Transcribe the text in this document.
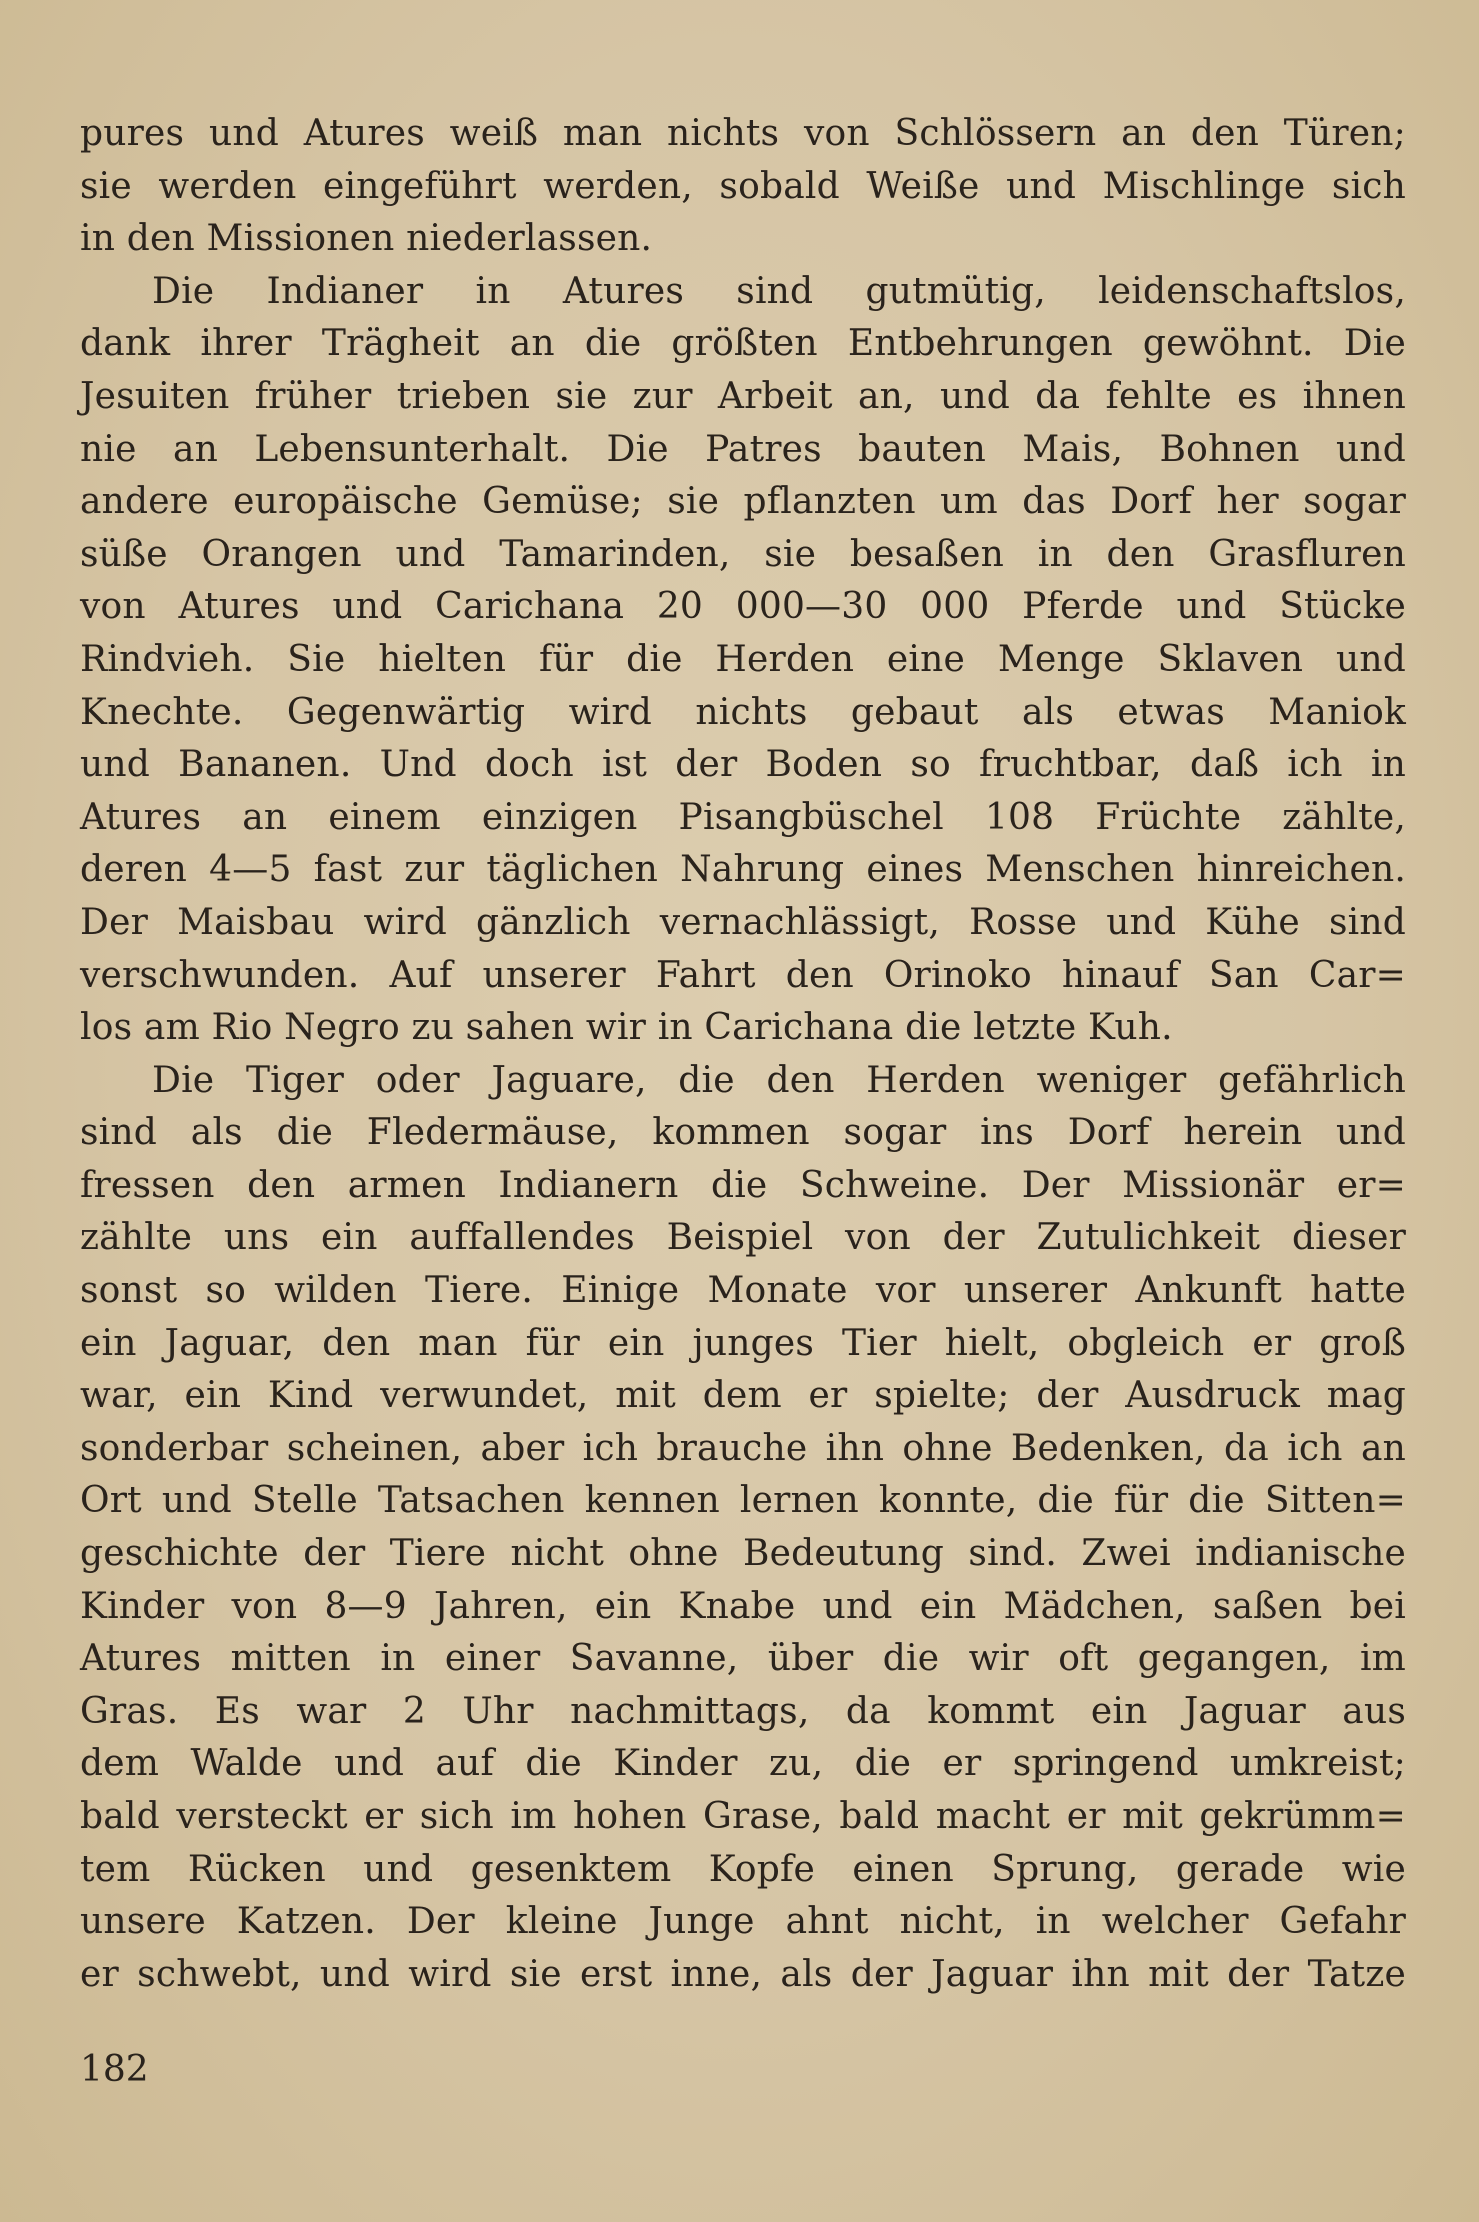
pures und Atures weiß man nichts von Schlössern an den Türen;
sie werden eingeführt werden, sobald Weiße und Mischlinge sich
in den Missionen niederlassen.
Die Indianer in Atures sind gutmütig, leidenschaftslos,
dank ihrer Trägheit an die größten Entbehrungen gewöhnt. Die
Jesuiten früher trieben sie zur Arbeit an, und da fehlte es ihnen
nie an Lebensunterhalt. Die Patres bauten Mais, Bohnen und
andere europäische Gemüse; sie pflanzten um das Dorf her sogar
süße Orangen und Tamarinden, sie besaßen in den Grasfluren
von Atures und Carichana 20 000—30 000 Pferde und Stücke
Rindvieh. Sie hielten für die Herden eine Menge Sklaven und
Knechte. Gegenwärtig wird nichts gebaut als etwas Maniok
und Bananen. Und doch ist der Boden so fruchtbar, daß ich in
Atures an einem einzigen Pisangbüschel 108 Früchte zählte,
deren 4—5 fast zur täglichen Nahrung eines Menschen hinreichen.
Der Maisbau wird gänzlich vernachlässigt, Rosse und Kühe sind
verschwunden. Auf unserer Fahrt den Orinoko hinauf San Car=
los am Rio Negro zu sahen wir in Carichana die letzte Kuh.
Die Tiger oder Jaguare, die den Herden weniger gefährlich
sind als die Fledermäuse, kommen sogar ins Dorf herein und
fressen den armen Indianern die Schweine. Der Missionär er=
zählte uns ein auffallendes Beispiel von der Zutulichkeit dieser
sonst so wilden Tiere. Einige Monate vor unserer Ankunft hatte
ein Jaguar, den man für ein junges Tier hielt, obgleich er groß
war, ein Kind verwundet, mit dem er spielte; der Ausdruck mag
sonderbar scheinen, aber ich brauche ihn ohne Bedenken, da ich an
Ort und Stelle Tatsachen kennen lernen konnte, die für die Sitten=
geschichte der Tiere nicht ohne Bedeutung sind. Zwei indianische
Kinder von 8—9 Jahren, ein Knabe und ein Mädchen, saßen bei
Atures mitten in einer Savanne, über die wir oft gegangen, im
Gras. Es war 2 Uhr nachmittags, da kommt ein Jaguar aus
dem Walde und auf die Kinder zu, die er springend umkreist;
bald versteckt er sich im hohen Grase, bald macht er mit gekrümm=
tem Rücken und gesenktem Kopfe einen Sprung, gerade wie
unsere Katzen. Der kleine Junge ahnt nicht, in welcher Gefahr
er schwebt, und wird sie erst inne, als der Jaguar ihn mit der Tatze
182
